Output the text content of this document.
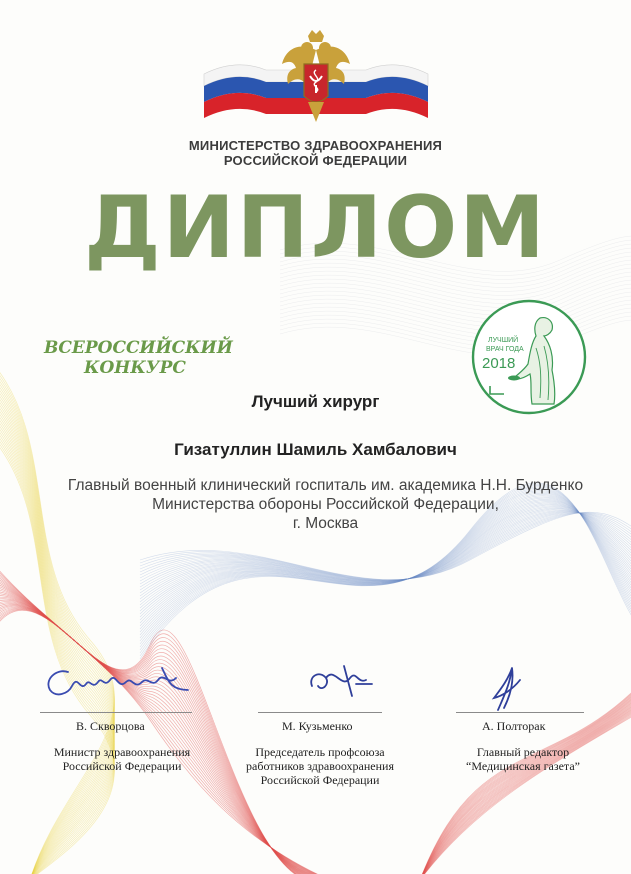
МИНИСТЕРСТВО ЗДРАВООХРАНЕНИЯ
РОССИЙСКОЙ ФЕДЕРАЦИИ
ДИПЛОМ
ВСЕРОССИЙСКИЙ
КОНКУРС
ЛУЧШИЙ
ВРАЧ ГОДА
2018
Лучший хирург
Гизатуллин Шамиль Хамбалович
Главный военный клинический госпиталь им. академика Н.Н. Бурденко
Министерства обороны Российской Федерации,
г. Москва
В. Скворцова	М. Кузьменко	А. Полторак
Министр здравоохранения
Российской Федерации
Председатель профсоюза
работников здравоохранения
Российской Федерации
Главный редактор
“Медицинская газета”
